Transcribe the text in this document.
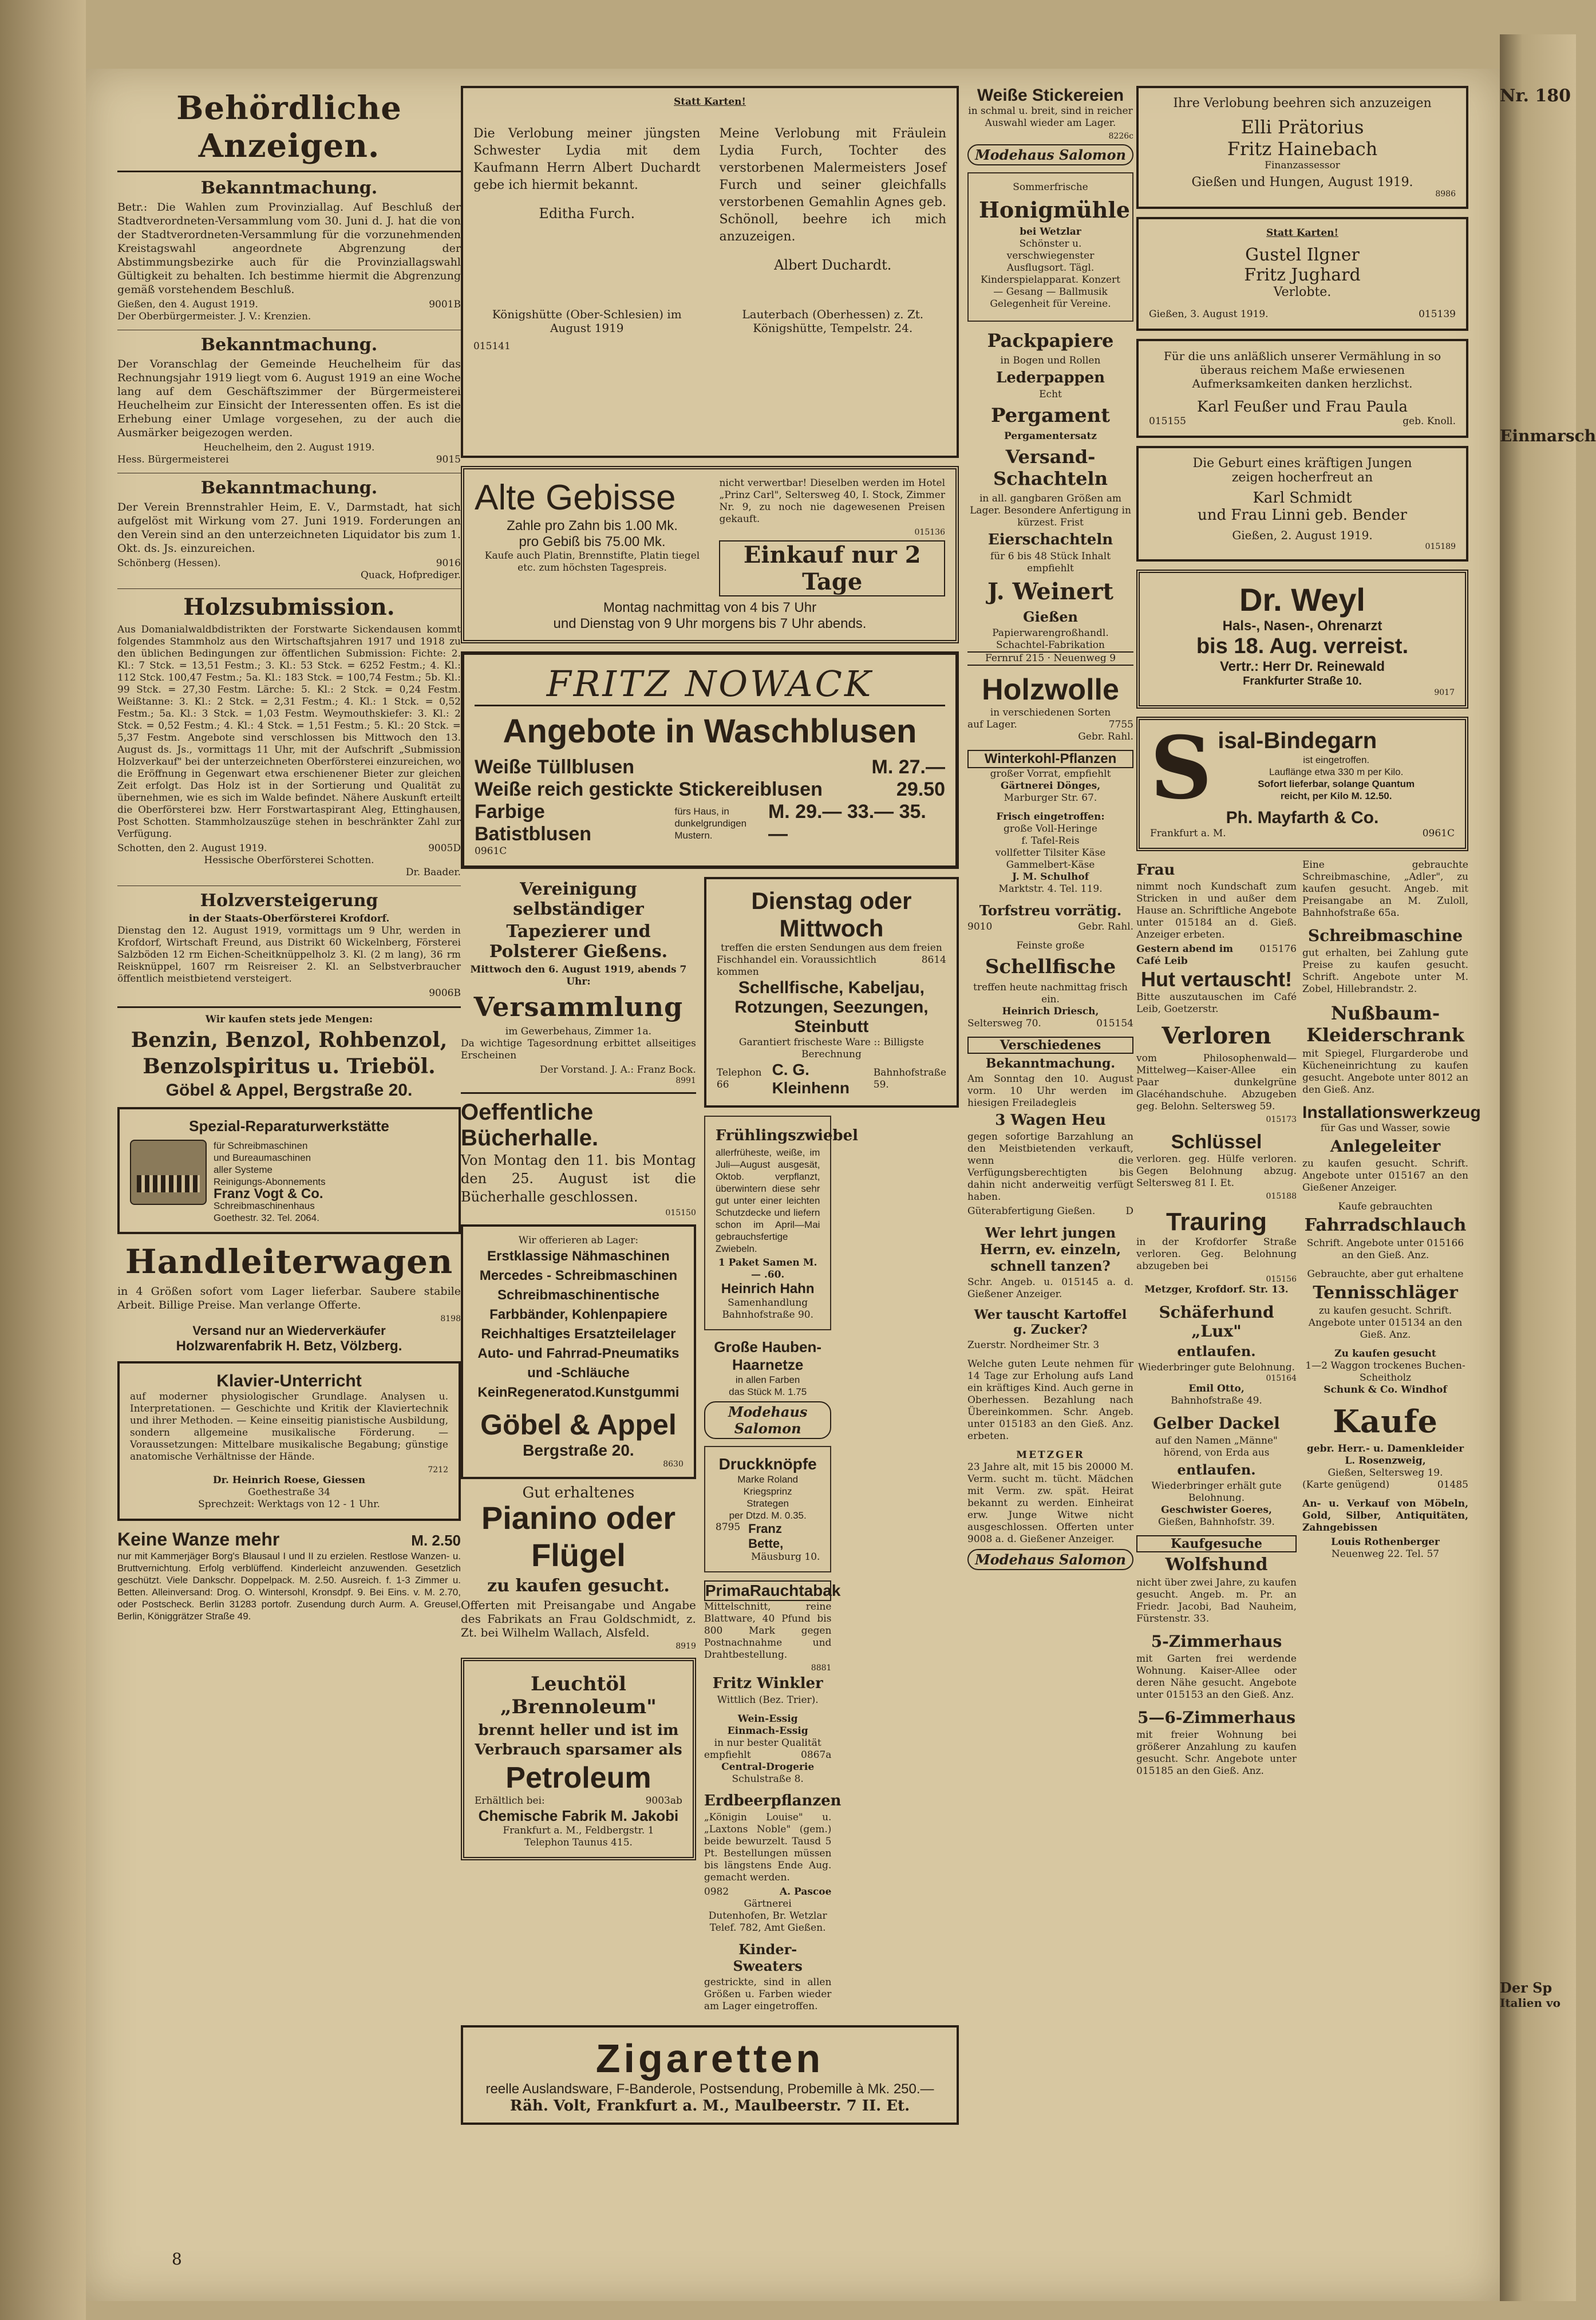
Behördliche Anzeigen.
Bekanntmachung.

Betr.: Die Wahlen zum Provinziallag. Auf Beschluß der Stadtverordneten-Versammlung vom 30. Juni d. J. hat die von der Stadtverordneten-Versammlung für die vorzunehmenden Kreistagswahl angeordnete Abgrenzung der Abstimmungsbezirke auch für die Provinziallagswahl Gültigkeit zu behalten. Ich bestimme hiermit die Abgrenzung gemäß vorstehendem Beschluß.

Gießen, den 4. August 1919.	9001B
Der Oberbürgermeister. J. V.: Krenzien.
Bekanntmachung.

Der Voranschlag der Gemeinde Heuchelheim für das Rechnungsjahr 1919 liegt vom 6. August 1919 an eine Woche lang auf dem Geschäftszimmer der Bürgermeisterei Heuchelheim zur Einsicht der Interessenten offen. Es ist die Erhebung einer Umlage vorgesehen, zu der auch die Ausmärker beigezogen werden.

Heuchelheim, den 2. August 1919.
Hess. Bürgermeisterei	9015
Bekanntmachung.

Der Verein Brennstrahler Heim, E. V., Darmstadt, hat sich aufgelöst mit Wirkung vom 27. Juni 1919. Forderungen an den Verein sind an den unterzeichneten Liquidator bis zum 1. Okt. ds. Js. einzureichen.

Schönberg (Hessen).	9016
Quack, Hofprediger.
Holzsubmission.

Aus Domanialwaldbdistrikten der Forstwarte Sickendausen kommt folgendes Stammholz aus den Wirtschaftsjahren 1917 und 1918 zu den üblichen Bedingungen zur öffentlichen Submission: Fichte: 2. Kl.: 7 Stck. = 13,51 Festm.; 3. Kl.: 53 Stck. = 6252 Festm.; 4. Kl.: 112 Stck. 100,47 Festm.; 5a. Kl.: 183 Stck. = 100,74 Festm.; 5b. Kl.: 99 Stck. = 27,30 Festm. Lärche: 5. Kl.: 2 Stck. = 0,24 Festm. Weißtanne: 3. Kl.: 2 Stck. = 2,31 Festm.; 4. Kl.: 1 Stck. = 0,52 Festm.; 5a. Kl.: 3 Stck. = 1,03 Festm. Weymouthskiefer: 3. Kl.: 2 Stck. = 0,52 Festm.; 4. Kl.: 4 Stck. = 1,51 Festm.; 5. Kl.: 20 Stck. = 5,37 Festm. Angebote sind verschlossen bis Mittwoch den 13. August ds. Js., vormittags 11 Uhr, mit der Aufschrift „Submission Holzverkauf" bei der unterzeichneten Oberförsterei einzureichen, wo die Eröffnung in Gegenwart etwa erschienener Bieter zur gleichen Zeit erfolgt. Das Holz ist in der Sortierung und Qualität zu übernehmen, wie es sich im Walde befindet. Nähere Auskunft erteilt die Oberförsterei bzw. Herr Forstwartaspirant Aleg, Ettinghausen, Post Schotten. Stammholzauszüge stehen in beschränkter Zahl zur Verfügung.

Schotten, den 2. August 1919.	9005D
Hessische Oberförsterei Schotten.
Dr. Baader.
Holzversteigerung
in der Staats-Oberförsterei Krofdorf.

Dienstag den 12. August 1919, vormittags um 9 Uhr, werden in Krofdorf, Wirtschaft Freund, aus Distrikt 60 Wickelnberg, Försterei Salzböden 12 rm Eichen-Scheitknüppelholz 3. Kl. (2 m lang), 36 rm Reisknüppel, 1607 rm Reisreiser 2. Kl. an Selbstverbraucher öffentlich meistbietend versteigert.

9006B
Wir kaufen stets jede Mengen:
Benzin, Benzol, Rohbenzol,
Benzolspiritus u. Trieböl.
Göbel & Appel, Bergstraße 20.
Spezial-Reparaturwerkstätte
für Schreibmaschinen
und Bureaumaschinen
aller Systeme
Reinigungs-Abonnements
Franz Vogt & Co.
Schreibmaschinenhaus
Goethestr. 32. Tel. 2064.
Handleiterwagen

in 4 Größen sofort vom Lager lieferbar. Saubere stabile Arbeit. Billige Preise. Man verlange Offerte.

8198
Versand nur an Wiederverkäufer
Holzwarenfabrik H. Betz, Völzberg.
Klavier-Unterricht

auf moderner physiologischer Grundlage. Analysen u. Interpretationen. — Geschichte und Kritik der Klaviertechnik und ihrer Methoden. — Keine einseitig pianistische Ausbildung, sondern allgemeine musikalische Förderung. — Voraussetzungen: Mittelbare musikalische Begabung; günstige anatomische Verhältnisse der Hände.

7212
Dr. Heinrich Roese, Giessen
Goethestraße 34
Sprechzeit: Werktags von 12 - 1 Uhr.
Keine Wanze mehr	M. 2.50

nur mit Kammerjäger Borg's Blausaul I und II zu erzielen. Restlose Wanzen- u. Bruttvernichtung. Erfolg verblüffend. Kinderleicht anzuwenden. Gesetzlich geschützt. Viele Dankschr. Doppelpack. M. 2.50. Ausreich. f. 1-3 Zimmer u. Betten. Alleinversand: Drog. O. Wintersohl, Kronsdpf. 9. Bei Eins. v. M. 2.70, oder Postscheck. Berlin 31283 portofr. Zusendung durch Aurm. A. Greusel, Berlin, Königgrätzer Straße 49.

Statt Karten!

Die Verlobung meiner jüngsten Schwester Lydia mit dem Kaufmann Herrn Albert Duchardt gebe ich hiermit bekannt.

Editha Furch.

Meine Verlobung mit Fräulein Lydia Furch, Tochter des verstorbenen Malermeisters Josef Furch und seiner gleichfalls verstorbenen Gemahlin Agnes geb. Schönoll, beehre ich mich anzuzeigen.

Albert Duchardt.
Königshütte (Ober-Schlesien) im August 1919
Lauterbach (Oberhessen) z. Zt. Königshütte, Tempelstr. 24.
015141
Alte Gebisse
Zahle pro Zahn bis 1.00 Mk.
pro Gebiß bis 75.00 Mk.
Kaufe auch Platin, Brennstifte, Platin tiegel etc. zum höchsten Tagespreis.

nicht verwertbar! Dieselben werden im Hotel „Prinz Carl", Seltersweg 40, I. Stock, Zimmer Nr. 9, zu noch nie dagewesenen Preisen gekauft.

015136
Einkauf nur 2 Tage
Montag nachmittag von 4 bis 7 Uhr
und Dienstag von 9 Uhr morgens bis 7 Uhr abends.
FRITZ NOWACK
Angebote in Waschblusen
Weiße Tüllblusen	M. 27.—
Weiße reich gestickte Stickereiblusen	29.50
Farbige Batistblusen
fürs Haus, in dunkelgrundigen Mustern.
M. 29.— 33.— 35.—
0961C
Vereinigung selbständiger
Tapezierer und Polsterer Gießens.
Mittwoch den 6. August 1919, abends 7 Uhr:
Versammlung
im Gewerbehaus, Zimmer 1a.

Da wichtige Tagesordnung erbittet allseitiges Erscheinen

Der Vorstand. J. A.: Franz Bock.
8991
Oeffentliche Bücherhalle.

Von Montag den 11. bis Montag den 25. August ist die Bücherhalle geschlossen.

015150
Wir offerieren ab Lager:
Erstklassige Nähmaschinen
Mercedes - Schreibmaschinen
Schreibmaschinentische
Farbbänder, Kohlenpapiere
Reichhaltiges Ersatzteilelager
Auto- und Fahrrad-Pneumatiks
und -Schläuche
KeinRegeneratod.Kunstgummi
Göbel & Appel
Bergstraße 20.
8630
Gut erhaltenes
Pianino oder Flügel
zu kaufen gesucht.

Offerten mit Preisangabe und Angabe des Fabrikats an Frau Goldschmidt, z. Zt. bei Wilhelm Wallach, Alsfeld.

8919
Leuchtöl „Brennoleum"
brennt heller und ist im
Verbrauch sparsamer als
Petroleum
Erhältlich bei:	9003ab
Chemische Fabrik M. Jakobi
Frankfurt a. M., Feldbergstr. 1
Telephon Taunus 415.
Dienstag oder Mittwoch
treffen die ersten Sendungen aus dem freien
Fischhandel ein. Voraussichtlich kommen
8614
Schellfische, Kabeljau, Rotzungen, Seezungen, Steinbutt
Garantiert frischeste Ware :: Billigste Berechnung
Telephon 66
C. G. Kleinhenn
Bahnhofstraße 59.
Frühlingszwiebel

allerfrüheste, weiße, im Juli—August ausgesät, Oktob. verpflanzt, überwintern diese sehr gut unter einer leichten Schutzdecke und liefern schon im April—Mai gebrauchsfertige Zwiebeln.

1 Paket Samen M. — .60.
Heinrich Hahn
Samenhandlung
Bahnhofstraße 90.
Große Hauben-Haarnetze
in allen Farben
das Stück M. 1.75
Modehaus Salomon
Druckknöpfe
Marke Roland
Kriegsprinz
Strategen
per Dtzd. M. 0.35.
8795 Franz Bette,
Mäusburg 10.
PrimaRauchtabak

Mittelschnitt, reine Blattware, 40 Pfund bis 800 Mark gegen Postnachnahme und Drahtbestellung.

8881
Fritz Winkler
Wittlich (Bez. Trier).
Wein-Essig
Einmach-Essig
in nur bester Qualität
empfiehlt	0867a
Central-Drogerie
Schulstraße 8.
Erdbeerpflanzen

„Königin Louise" u. „Laxtons Noble" (gem.) beide bewurzelt. Tausd 5 Pt. Bestellungen müssen bis längstens Ende Aug. gemacht werden.

0982	A. Pascoe
Gärtnerei
Dutenhofen, Br. Wetzlar Telef. 782, Amt Gießen.
Kinder-Sweaters

gestrickte, sind in allen Größen u. Farben wieder am Lager eingetroffen.

Zigaretten
reelle Auslandsware, F-Banderole, Postsendung, Probemille à Mk. 250.—
Räh. Volt, Frankfurt a. M., Maulbeerstr. 7 II. Et.
Weiße Stickereien

in schmal u. breit, sind in reicher Auswahl wieder am Lager.

8226c
Modehaus Salomon
Sommerfrische
Honigmühle
bei Wetzlar

Schönster u. verschwiegenster Ausflugsort. Tägl. Kinderspielapparat. Konzert — Gesang — Ballmusik Gelegenheit für Vereine.

Packpapiere
in Bogen und Rollen
Lederpappen
Echt
Pergament
Pergamentersatz
Versand-Schachteln

in all. gangbaren Größen am Lager. Besondere Anfertigung in kürzest. Frist

Eierschachteln
für 6 bis 48 Stück Inhalt
empfiehlt
J. Weinert
Gießen
Papierwarengroßhandl.
Schachtel-Fabrikation
Fernruf 215 · Neuenweg 9
Holzwolle
in verschiedenen Sorten
auf Lager.	7755
Gebr. Rahl.
Winterkohl-Pflanzen
großer Vorrat, empfiehlt
Gärtnerei Dönges,
Marburger Str. 67.
Frisch eingetroffen:
große Voll-Heringe
f. Tafel-Reis
vollfetter Tilsiter Käse
Gammelbert-Käse
J. M. Schulhof
Marktstr. 4. Tel. 119.
Torfstreu vorrätig.
9010	Gebr. Rahl.
Feinste große
Schellfische
treffen heute nachmittag frisch ein.
Heinrich Driesch,
Seltersweg 70.	015154
Verschiedenes
Bekanntmachung.

Am Sonntag den 10. August vorm. 10 Uhr werden im hiesigen Freiladegleis

3 Wagen Heu

gegen sofortige Barzahlung an den Meistbietenden verkauft, wenn die Verfügungsberechtigten bis dahin nicht anderweitig verfügt haben.

Güterabfertigung Gießen.	D
Wer lehrt jungen Herrn, ev. einzeln, schnell tanzen?

Schr. Angeb. u. 015145 a. d. Gießener Anzeiger.

Wer tauscht Kartoffel g. Zucker?

Zuerstr. Nordheimer Str. 3

Welche guten Leute nehmen für 14 Tage zur Erholung aufs Land ein kräftiges Kind. Auch gerne in Oberhessen. Bezahlung nach Übereinkommen. Schr. Angeb. unter 015183 an den Gieß. Anz. erbeten.

METZGER

23 Jahre alt, mit 15 bis 20000 M. Verm. sucht m. tücht. Mädchen mit Verm. zw. spät. Heirat bekannt zu werden. Einheirat erw. Junge Witwe nicht ausgeschlossen. Offerten unter 9008 a. d. Gießener Anzeiger.

Modehaus Salomon
Ihre Verlobung beehren sich anzuzeigen
Elli Prätorius
Fritz Hainebach
Finanzassessor
Gießen und Hungen, August 1919.
8986
Statt Karten!
Gustel Ilgner
Fritz Jughard
Verlobte.
Gießen, 3. August 1919.	015139

Für die uns anläßlich unserer Vermählung in so überaus reichem Maße erwiesenen Aufmerksamkeiten danken herzlichst.

Karl Feußer und Frau Paula
015155	geb. Knoll.
Die Geburt eines kräftigen Jungen
zeigen hocherfreut an
Karl Schmidt
und Frau Linni geb. Bender
Gießen, 2. August 1919.
015189
Dr. Weyl
Hals-, Nasen-, Ohrenarzt
bis 18. Aug. verreist.
Vertr.: Herr Dr. Reinewald
Frankfurter Straße 10.
9017
S isal-Bindegarn
ist eingetroffen.
Lauflänge etwa 330 m per Kilo.
Sofort lieferbar, solange Quantum
reicht, per Kilo M. 12.50.
Ph. Mayfarth & Co.
Frankfurt a. M.	0961C
Frau

nimmt noch Kundschaft zum Stricken in und außer dem Hause an. Schriftliche Angebote unter 015184 an d. Gieß. Anzeiger erbeten.

Gestern abend im Café Leib
015176
Hut vertauscht!

Bitte auszutauschen im Café Leib, Goetzerstr.

Verloren

vom Philosophenwald—Mittelweg—Kaiser-Allee ein Paar dunkelgrüne Glacéhandschuhe. Abzugeben geg. Belohn. Seltersweg 59.

015173
Schlüssel

verloren. geg. Hülfe verloren. Gegen Belohnung abzug. Seltersweg 81 I. Et.

015188
Trauring

in der Krofdorfer Straße verloren. Geg. Belohnung abzugeben bei

015156
Metzger, Krofdorf. Str. 13.
Schäferhund „Lux"
entlaufen.
Wiederbringer gute Belohnung.
015164
Emil Otto,
Bahnhofstraße 49.
Gelber Dackel
auf den Namen „Männe" hörend, von Erda aus
entlaufen.
Wiederbringer erhält gute Belohnung.
Geschwister Goeres,
Gießen, Bahnhofstr. 39.
Kaufgesuche
Wolfshund

nicht über zwei Jahre, zu kaufen gesucht. Angeb. m. Pr. an Friedr. Jacobi, Bad Nauheim, Fürstenstr. 33.

5-Zimmerhaus

mit Garten frei werdende Wohnung. Kaiser-Allee oder deren Nähe gesucht. Angebote unter 015153 an den Gieß. Anz.

5—6-Zimmerhaus

mit freier Wohnung bei größerer Anzahlung zu kaufen gesucht. Schr. Angebote unter 015185 an den Gieß. Anz.

Eine gebrauchte Schreibmaschine, „Adler", zu kaufen gesucht. Angeb. mit Preisangabe an M. Zuloll, Bahnhofstraße 65a.

Schreibmaschine

gut erhalten, bei Zahlung gute Preise zu kaufen gesucht. Schrift. Angebote unter M. Zobel, Hillebrandstr. 2.

Nußbaum-Kleiderschrank

mit Spiegel, Flurgarderobe und Kücheneinrichtung zu kaufen gesucht. Angebote unter 8012 an den Gieß. Anz.

Installationswerkzeug
für Gas und Wasser, sowie
Anlegeleiter

zu kaufen gesucht. Schrift. Angebote unter 015167 an den Gießener Anzeiger.

Kaufe gebrauchten
Fahrradschlauch
Schrift. Angebote unter 015166 an den Gieß. Anz.
Gebrauchte, aber gut erhaltene
Tennisschläger
zu kaufen gesucht. Schrift. Angebote unter 015134 an den Gieß. Anz.
Zu kaufen gesucht
1—2 Waggon trockenes Buchen-Scheitholz
Schunk & Co. Windhof
Kaufe
gebr. Herr.- u. Damenkleider
L. Rosenzweig,
Gießen, Seltersweg 19.
(Karte genügend)	01485

An- u. Verkauf von Möbeln, Gold, Silber, Antiquitäten, Zahngebissen

Louis Rothenberger
Neuenweg 22. Tel. 57
Nr. 180
Einmarsch
Der Sp
Italien vo
8
